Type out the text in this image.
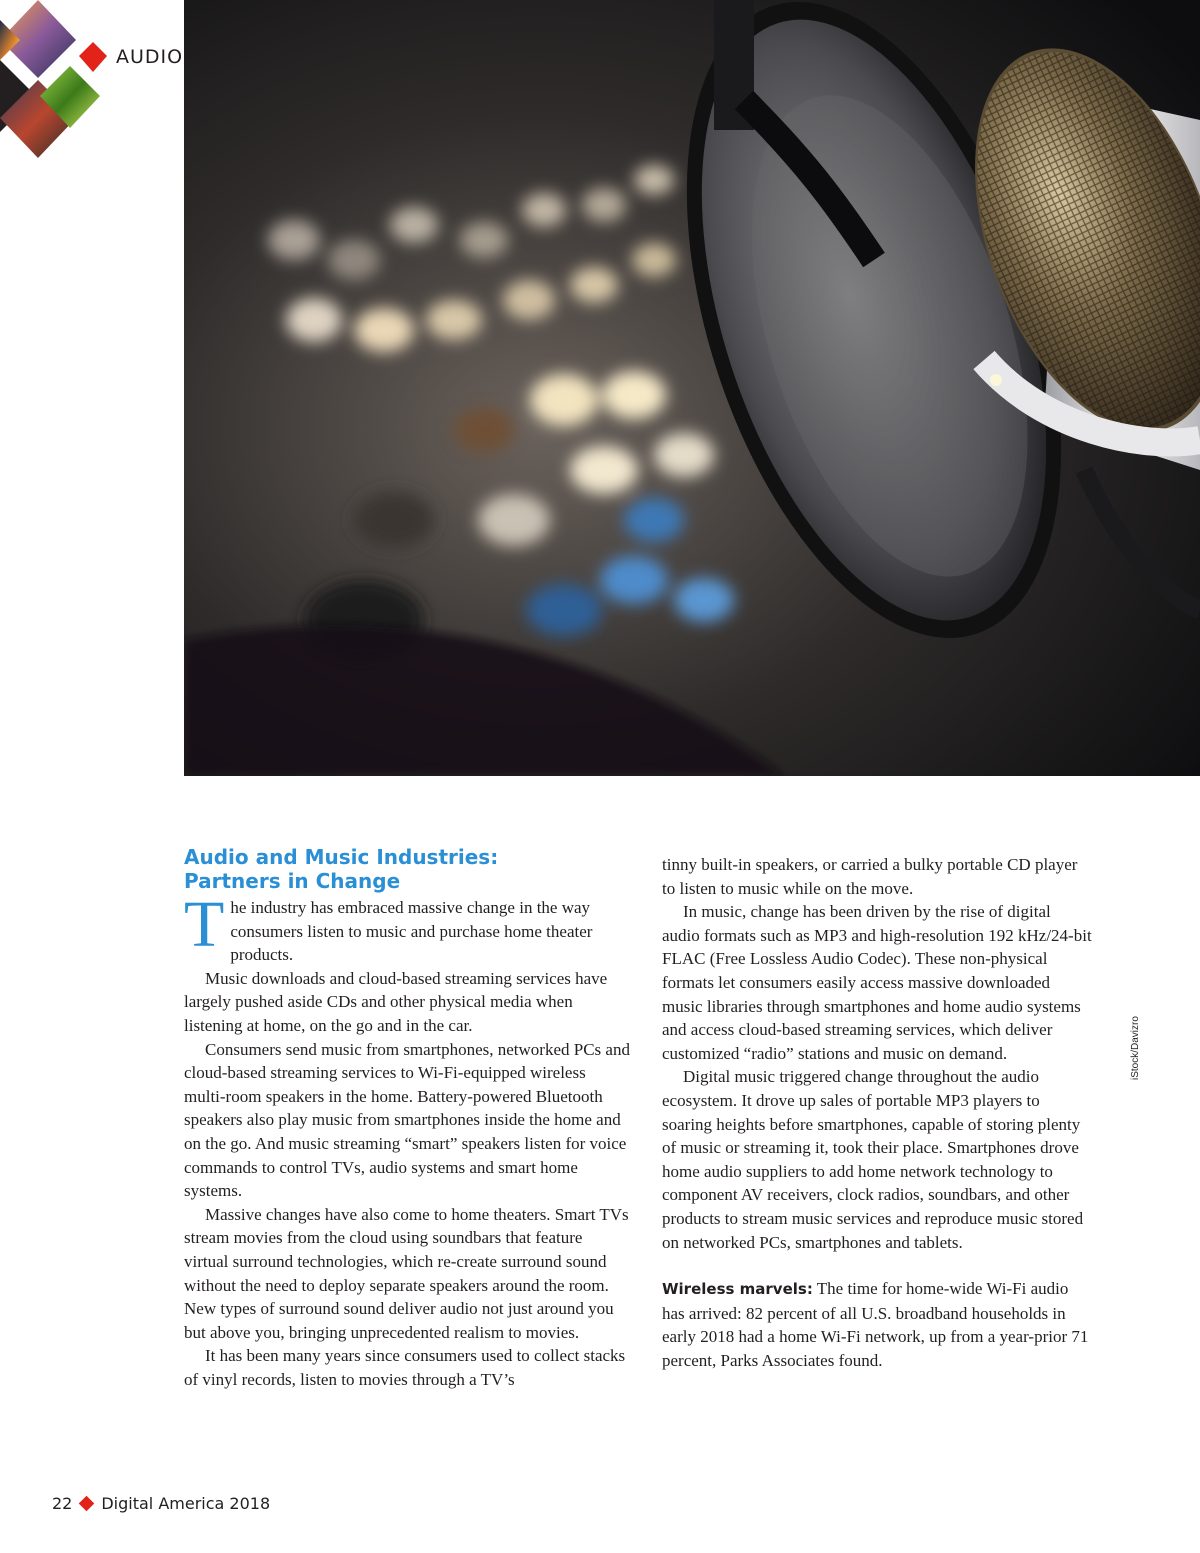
AUDIO
Audio and Music Industries:
Partners in Change
T he industry has embraced massive change in the way consumers listen to music and purchase home theater products.

Music downloads and cloud-based streaming services have largely pushed aside CDs and other physical media when listening at home, on the go and in the car.

Consumers send music from smartphones, networked PCs and cloud-based streaming services to Wi-Fi-equipped wireless multi-room speakers in the home. Battery-powered Bluetooth speakers also play music from smartphones inside the home and on the go. And music streaming “smart” speakers listen for voice commands to control TVs, audio systems and smart home systems.

Massive changes have also come to home theaters. Smart TVs stream movies from the cloud using soundbars that feature virtual surround technologies, which re-create surround sound without the need to deploy separate speakers around the room. New types of surround sound deliver audio not just around you but above you, bringing unprecedented realism to movies.

It has been many years since consumers used to collect stacks of vinyl records, listen to movies through a TV’s

tinny built-in speakers, or carried a bulky portable CD player to listen to music while on the move.

In music, change has been driven by the rise of digital audio formats such as MP3 and high-resolution 192 kHz/24-bit FLAC (Free Lossless Audio Codec). These non-physical formats let consumers easily access massive downloaded music libraries through smartphones and home audio systems and access cloud-based streaming services, which deliver customized “radio” stations and music on demand.

Digital music triggered change throughout the audio ecosystem. It drove up sales of portable MP3 players to soaring heights before smartphones, capable of storing plenty of music or streaming it, took their place. Smartphones drove home audio suppliers to add home network technology to component AV receivers, clock radios, soundbars, and other products to stream music services and reproduce music stored on networked PCs, smartphones and tablets.

Wireless marvels: The time for home-wide Wi-Fi audio has arrived: 82 percent of all U.S. broadband households in early 2018 had a home Wi-Fi network, up from a year-prior 71 percent, Parks Associates found.

iStock/Davizro
22 Digital America 2018
